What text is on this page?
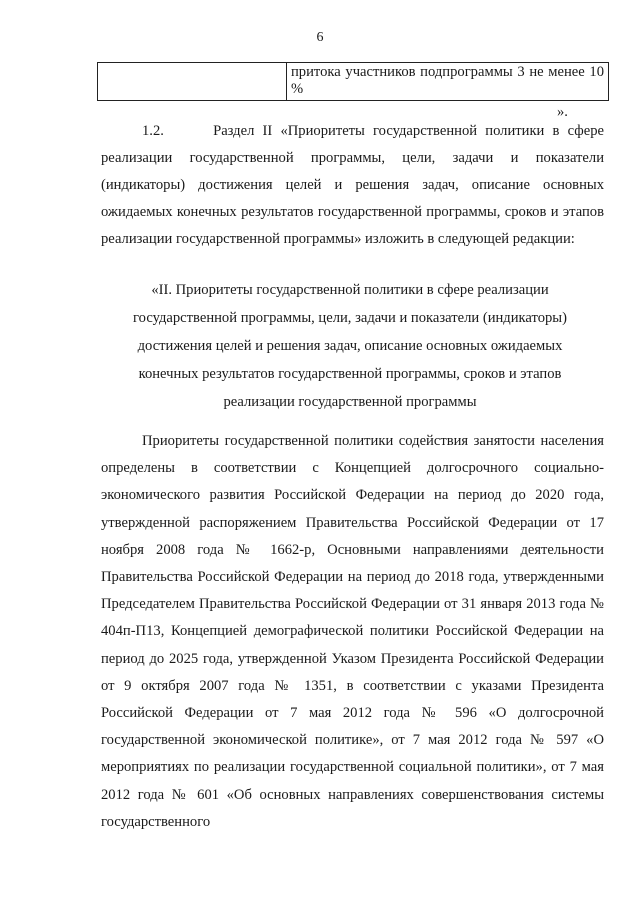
6
	притока участников подпрограммы 3 не менее 10 %
».

1.2.	Раздел II «Приоритеты государственной политики в сфере реализации государственной программы, цели, задачи и показатели (индикаторы) достижения целей и решения задач, описание основных ожидаемых конечных результатов государственной программы, сроков и этапов реализации государственной программы» изложить в следующей редакции:

«II. Приоритеты государственной политики в сфере реализации государственной программы, цели, задачи и показатели (индикаторы) достижения целей и решения задач, описание основных ожидаемых конечных результатов государственной программы, сроков и этапов реализации государственной программы

Приоритеты государственной политики содействия занятости населения определены в соответствии с Концепцией долгосрочного социально-экономического развития Российской Федерации на период до 2020 года, утвержденной распоряжением Правительства Российской Федерации от 17 ноября 2008 года № 1662-р, Основными направлениями деятельности Правительства Российской Федерации на период до 2018 года, утвержденными Председателем Правительства Российской Федерации от 31 января 2013 года № 404п-П13, Концепцией демографической политики Российской Федерации на период до 2025 года, утвержденной Указом Президента Российской Федерации от 9 октября 2007 года № 1351, в соответствии с указами Президента Российской Федерации от 7 мая 2012 года № 596 «О долгосрочной государственной экономической политике», от 7 мая 2012 года № 597 «О мероприятиях по реализации государственной социальной политики», от 7 мая 2012 года № 601 «Об основных направлениях совершенствования системы государственного
